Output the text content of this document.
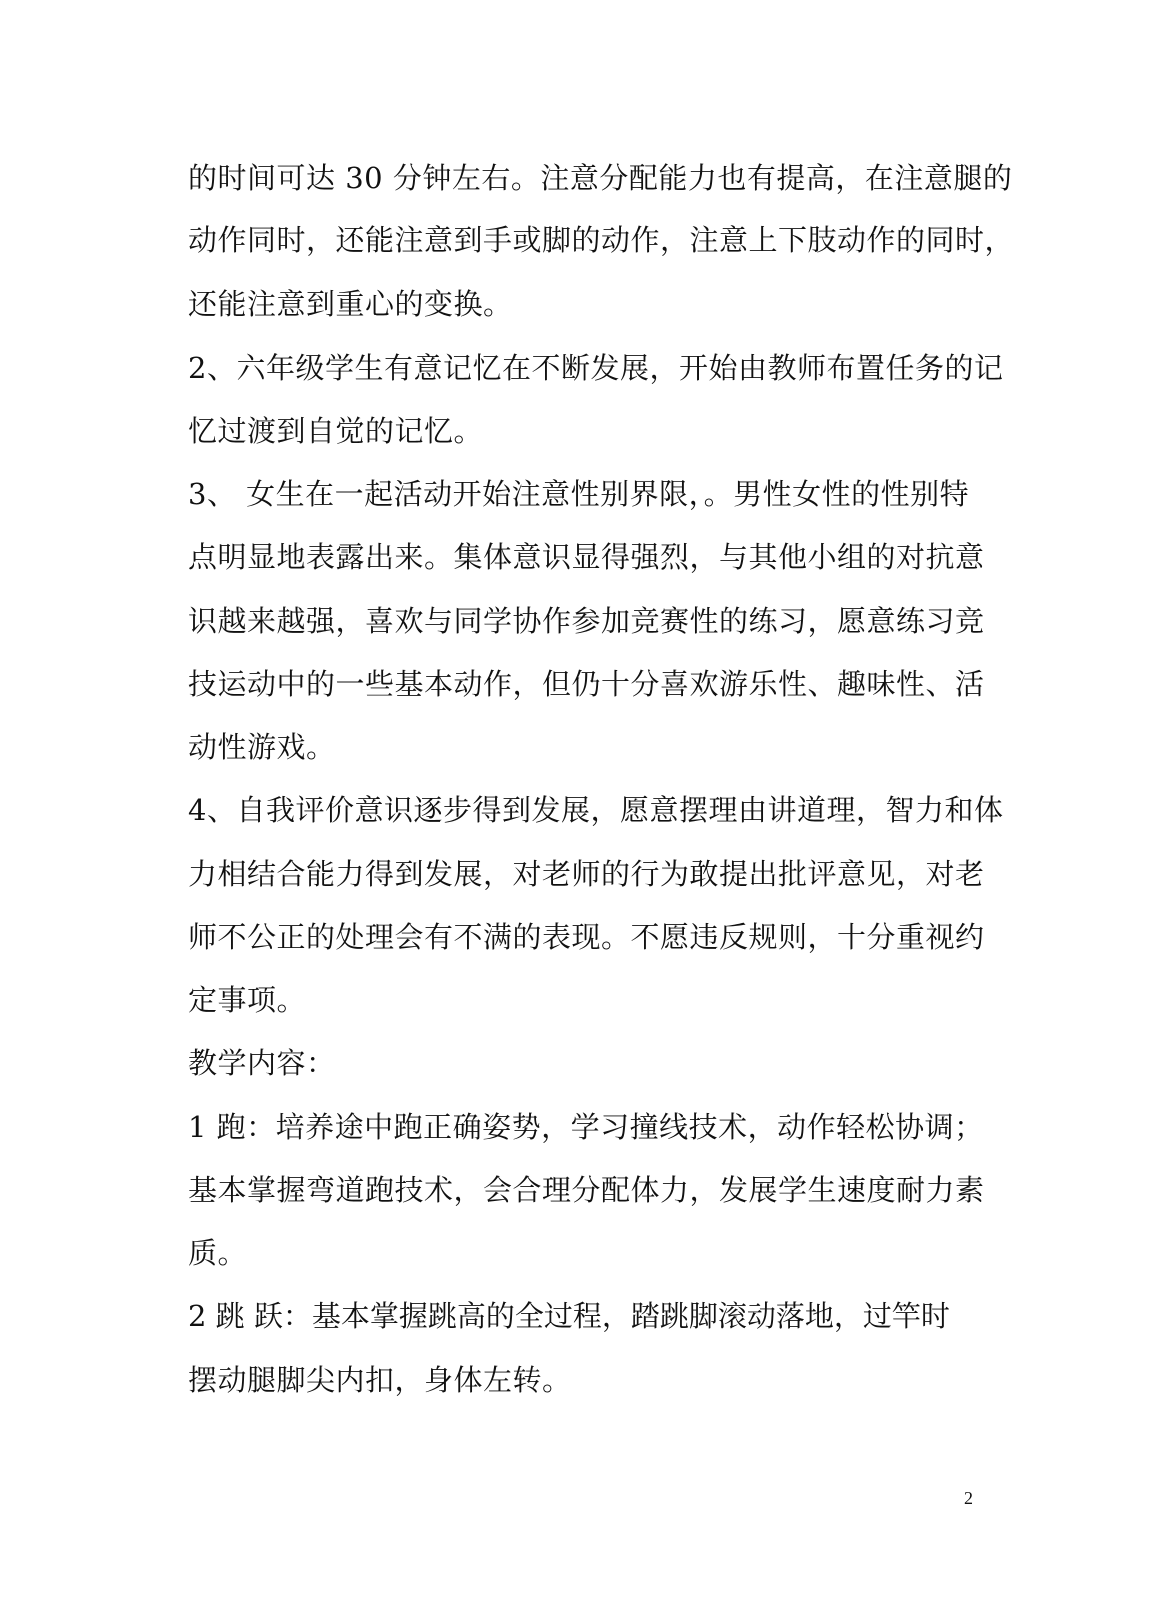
的时间可达 30 分钟左右。注意分配能力也有提高，在注意腿的
动作同时，还能注意到手或脚的动作，注意上下肢动作的同时，
还能注意到重心的变换。
2、六年级学生有意记忆在不断发展，开始由教师布置任务的记
忆过渡到自觉的记忆。
3、 女生在一起活动开始注意性别界限，。男性女性的性别特
点明显地表露出来。集体意识显得强烈，与其他小组的对抗意
识越来越强，喜欢与同学协作参加竞赛性的练习，愿意练习竞
技运动中的一些基本动作，但仍十分喜欢游乐性、趣味性、活
动性游戏。
4、自我评价意识逐步得到发展，愿意摆理由讲道理，智力和体
力相结合能力得到发展，对老师的行为敢提出批评意见，对老
师不公正的处理会有不满的表现。不愿违反规则，十分重视约
定事项。
教学内容：
1 跑：培养途中跑正确姿势，学习撞线技术，动作轻松协调；
基本掌握弯道跑技术，会合理分配体力，发展学生速度耐力素
质。
2 跳 跃：基本掌握跳高的全过程，踏跳脚滚动落地，过竿时
摆动腿脚尖内扣，身体左转。
2
